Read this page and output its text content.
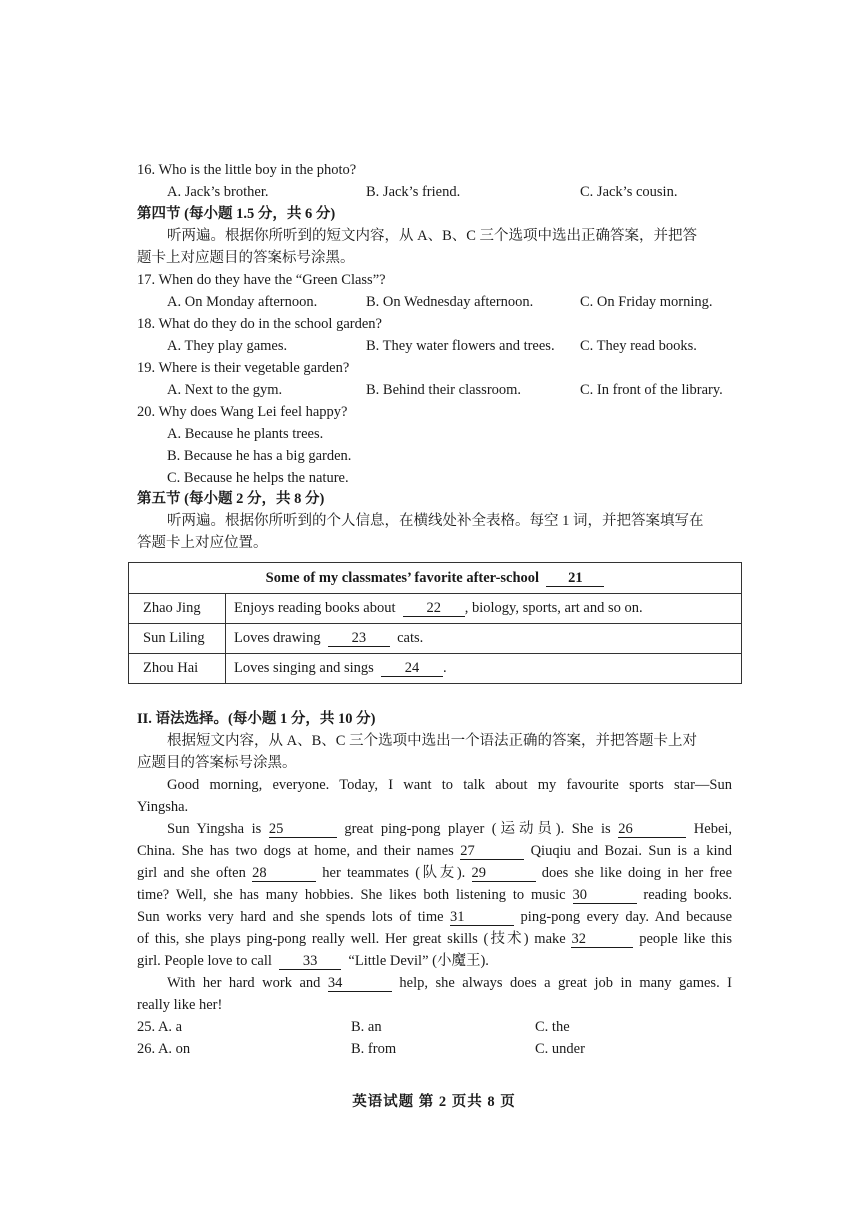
16. Who is the little boy in the photo?
A. Jack’s brother.	B. Jack’s friend.	C. Jack’s cousin.
第四节 (每小题 1.5 分，共 6 分)
听两遍。根据你所听到的短文内容，从 A、B、C 三个选项中选出正确答案，并把答
题卡上对应题目的答案标号涂黑。
17. When do they have the “Green Class”?
A. On Monday afternoon.	B. On Wednesday afternoon.	C. On Friday morning.
18. What do they do in the school garden?
A. They play games.	B. They water flowers and trees. C. They read books.
19. Where is their vegetable garden?
A. Next to the gym.	B. Behind their classroom.	C. In front of the library.
20. Why does Wang Lei feel happy?
A. Because he plants trees.
B. Because he has a big garden.
C. Because he helps the nature.
第五节 (每小题 2 分，共 8 分)
听两遍。根据你所听到的个人信息，在横线处补全表格。每空 1 词，并把答案填写在
答题卡上对应位置。
Some of my classmates’ favorite after-school 21	
Zhao Jing	Enjoys reading books about 22 , biology, sports, art and so on.
Sun Liling	Loves drawing 23 cats.
Zhou Hai	Loves singing and sings 24 .
II. 语法选择。(每小题 1 分，共 10 分)
根据短文内容，从 A、B、C 三个选项中选出一个语法正确的答案，并把答题卡上对
应题目的答案标号涂黑。
Good morning, everyone. Today, I want to talk about my favourite sports star—Sun
Yingsha.
Sun Yingsha is 25	great ping-pong player (运动员). She is 26	Hebei,
China. She has two dogs at home, and their names 27	Qiuqiu and Bozai. Sun is a kind
girl and she often 28	her teammates (队友). 29	does she like doing in her free
time? Well, she has many hobbies. She likes both listening to music 30	reading books.
Sun works very hard and she spends lots of time 31	ping-pong every day. And because
of this, she plays ping-pong really well. Her great skills (技术) make 32	people like this
girl. People love to call 33 “Little Devil” (小魔王).
With her hard work and 34	help, she always does a great job in many games. I
really like her!
25. A. a	B. an	C. the
26. A. on	B. from	C. under
英语试题 第 2 页共 8 页
